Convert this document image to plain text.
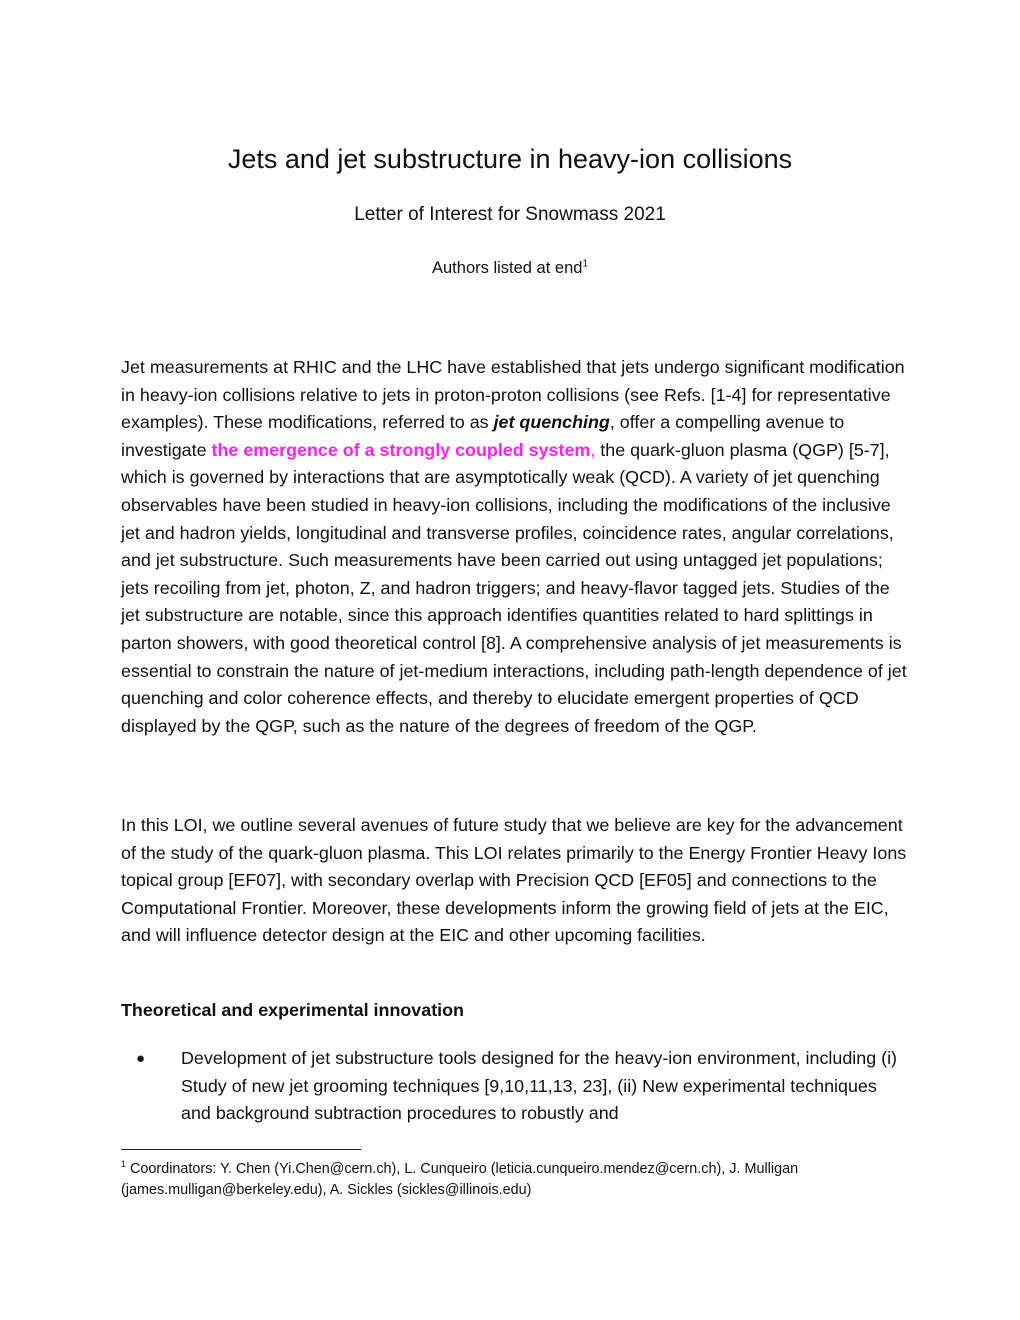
Jets and jet substructure in heavy-ion collisions

Letter of Interest for Snowmass 2021

Authors listed at end$^1$

Jet measurements at RHIC and the LHC have established that jets undergo significant modification in heavy-ion collisions relative to jets in proton-proton collisions (see Refs. [1-4] for representative examples). These modifications, referred to as jet quenching, offer a compelling avenue to investigate the emergence of a strongly coupled system, the quark-gluon plasma (QGP) [5-7], which is governed by interactions that are asymptotically weak (QCD). A variety of jet quenching observables have been studied in heavy-ion collisions, including the modifications of the inclusive jet and hadron yields, longitudinal and transverse profiles, coincidence rates, angular correlations, and jet substructure. Such measurements have been carried out using untagged jet populations; jets recoiling from jet, photon, Z, and hadron triggers; and heavy-flavor tagged jets. Studies of the jet substructure are notable, since this approach identifies quantities related to hard splittings in parton showers, with good theoretical control [8]. A comprehensive analysis of jet measurements is essential to constrain the nature of jet-medium interactions, including path-length dependence of jet quenching and color coherence effects, and thereby to elucidate emergent properties of QCD displayed by the QGP, such as the nature of the degrees of freedom of the QGP.

In this LOI, we outline several avenues of future study that we believe are key for the advancement of the study of the quark-gluon plasma. This LOI relates primarily to the Energy Frontier Heavy Ions topical group [EF07], with secondary overlap with Precision QCD [EF05] and connections to the Computational Frontier. Moreover, these developments inform the growing field of jets at the EIC, and will influence detector design at the EIC and other upcoming facilities.

Theoretical and experimental innovation
● Development of jet substructure tools designed for the heavy-ion environment, including (i) Study of new jet grooming techniques [9,10,11,13, 23], (ii) New experimental techniques and background subtraction procedures to robustly and

$^1$ Coordinators: Y. Chen (Yi.Chen@cern.ch), L. Cunqueiro (leticia.cunqueiro.mendez@cern.ch), J. Mulligan (james.mulligan@berkeley.edu), A. Sickles (sickles@illinois.edu)
